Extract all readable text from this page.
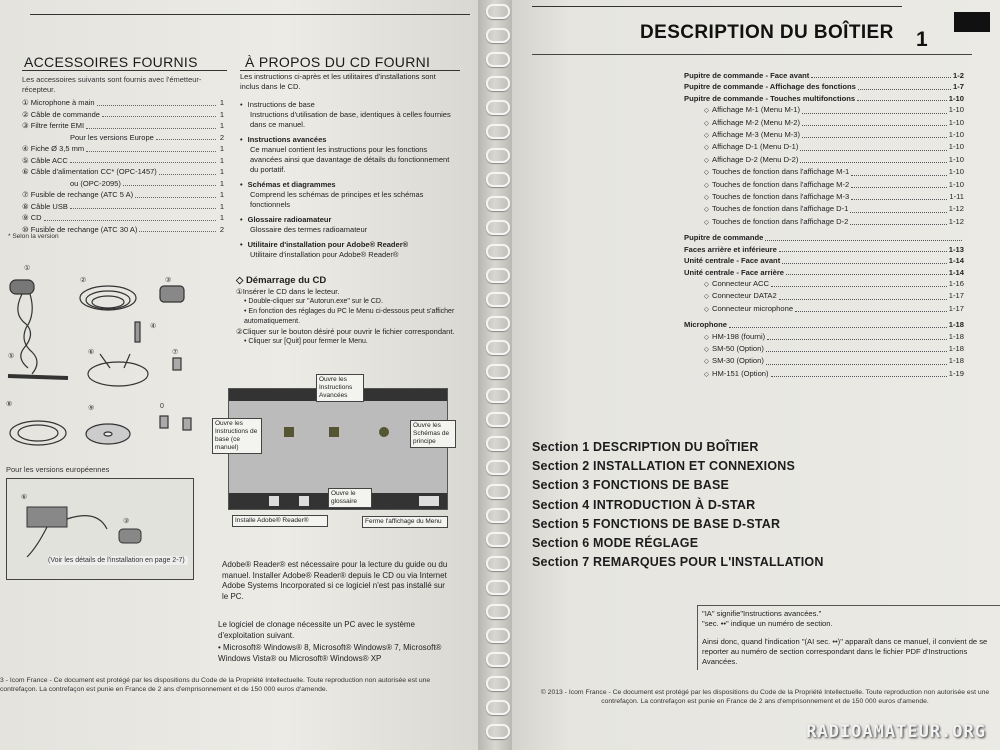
ACCESSOIRES FOURNIS
Les accessoires suivants sont fournis avec l'émetteur-récepteur.
① Microphone à main	1
② Câble de commande	1
③ Filtre ferrite EMI	1
Pour les versions Europe	2
④ Fiche Ø 3,5 mm	1
⑤ Câble ACC	1
⑥ Câble d'alimentation CC* (OPC-1457)	1
ou (OPC-2095)	1
⑦ Fusible de rechange (ATC 5 A)	1
⑧ Câble USB	1
⑨ CD	1
⑩ Fusible de rechange (ATC 30 A)	2
* Selon la version
①
②	③
④
⑤
⑥	⑦
⑧
⑨	0
Pour les versions européennes
⑥
③
(Voir les détails de l'installation en page 2-7)
À PROPOS DU CD FOURNI

Les instructions ci-après et les utilitaires d'installations sont inclus dans le CD.

• Instructions de base
Instructions d'utilisation de base, identiques à celles fournies dans ce manuel.
• Instructions avancées
Ce manuel contient les instructions pour les fonctions avancées ainsi que davantage de détails du fonctionnement du portatif.
• Schémas et diagrammes
Comprend les schémas de principes et les schémas fonctionnels
• Glossaire radioamateur
Glossaire des termes radioamateur
• Utilitaire d'installation pour Adobe® Reader®
Utilitaire d'installation pour Adobe® Reader®
◇ Démarrage du CD
①Insérer le CD dans le lecteur.
• Double-cliquer sur "Autorun.exe" sur le CD.
• En fonction des réglages du PC le Menu ci-dessous peut s'afficher automatiquement.
②Cliquer sur le bouton désiré pour ouvrir le fichier correspondant.
• Cliquer sur [Quit] pour fermer le Menu.
Ouvre les Instructions Avancées
Ouvre les Instructions de base (ce manuel)
Ouvre les Schémas de principe
Ouvre le glossaire
Installe Adobe® Reader®	Ferme l'affichage du Menu
Adobe® Reader® est nécessaire pour la lecture du guide ou du manuel. Installer Adobe® Reader® depuis le CD ou via Internet Adobe Systems Incorporated si ce logiciel n'est pas installé sur le PC.
Le logiciel de clonage nécessite un PC avec le système d'exploitation suivant.
• Microsoft® Windows® 8, Microsoft® Windows® 7, Microsoft® Windows Vista® ou Microsoft® Windows® XP
3 - Icom France - Ce document est protégé par les dispositions du Code de la Propriété Intellectuelle. Toute reproduction non autorisée est une contrefaçon. La contrefaçon est punie en France de 2 ans d'emprisonnement et de 150 000 euros d'amende.
DESCRIPTION DU BOÎTIER 1
Pupitre de commande - Face avant	1-2
Pupitre de commande - Affichage des fonctions	1-7
Pupitre de commande - Touches multifonctions	1-10
◇ Affichage M-1 (Menu M-1)	1-10
◇ Affichage M-2 (Menu M-2)	1-10
◇ Affichage M-3 (Menu M-3)	1-10
◇ Affichage D-1 (Menu D-1)	1-10
◇ Affichage D-2 (Menu D-2)	1-10
◇ Touches de fonction dans l'affichage M-1	1-10
◇ Touches de fonction dans l'affichage M-2	1-10
◇ Touches de fonction dans l'affichage M-3	1-11
◇ Touches de fonction dans l'affichage D-1	1-12
◇ Touches de fonction dans l'affichage D-2	1-12
Pupitre de commande
Faces arrière et inférieure	1-13
Unité centrale - Face avant	1-14
Unité centrale - Face arrière	1-14
◇ Connecteur ACC	1-16
◇ Connecteur DATA2	1-17
◇ Connecteur microphone	1-17
Microphone	1-18
◇ HM-198 (fourni)	1-18
◇ SM-50 (Option)	1-18
◇ SM-30 (Option)	1-18
◇ HM-151 (Option)	1-19
Section 1 DESCRIPTION DU BOÎTIER
Section 2 INSTALLATION ET CONNEXIONS
Section 3 FONCTIONS DE BASE
Section 4 INTRODUCTION À D-STAR
Section 5 FONCTIONS DE BASE D-STAR
Section 6 MODE RÉGLAGE
Section 7 REMARQUES POUR L'INSTALLATION
"IA" signifie"Instructions avancées."
"sec. ••" indique un numéro de section.
Ainsi donc, quand l'indication "(AI sec. ••)" apparaît dans ce manuel, il convient de se reporter au numéro de section correspondant dans le fichier PDF d'Instructions Avancées.
© 2013 - Icom France - Ce document est protégé par les dispositions du Code de la Propriété Intellectuelle. Toute reproduction non autorisée est une contrefaçon. La contrefaçon est punie en France de 2 ans d'emprisonnement et de 150 000 euros d'amende.
RADIOAMATEUR.ORG
